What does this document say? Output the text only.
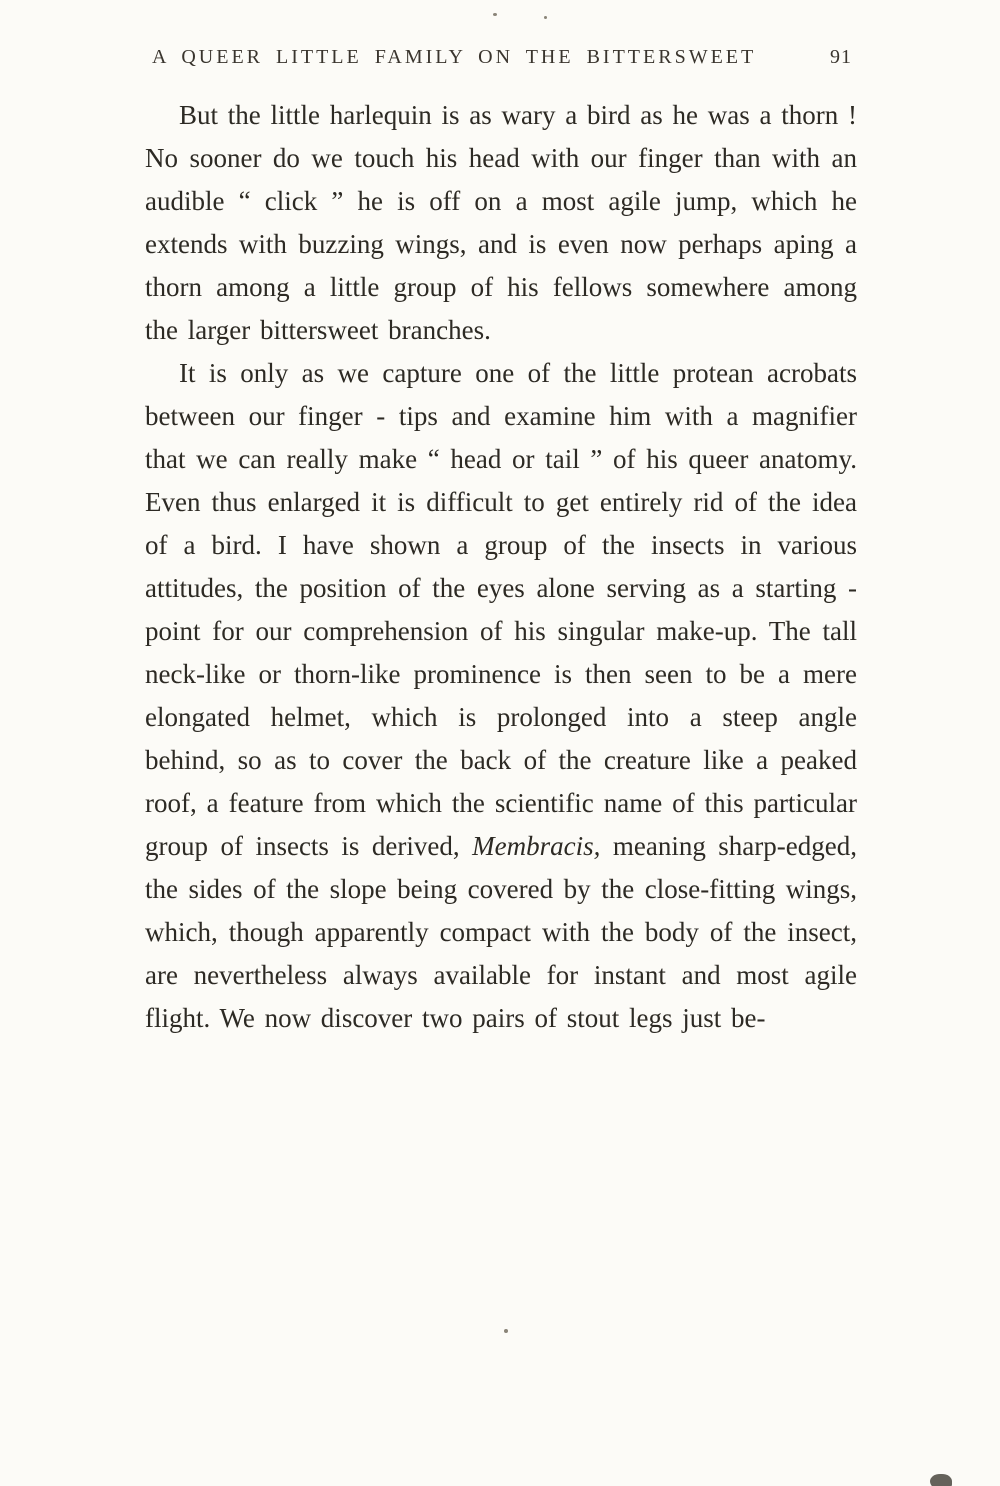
A QUEER LITTLE FAMILY ON THE BITTERSWEET	91

But the little harlequin is as wary a bird as he was a thorn ! No sooner do we touch his head with our finger than with an audible “ click ” he is off on a most agile jump, which he extends with buzzing wings, and is even now perhaps aping a thorn among a little group of his fellows somewhere among the larger bittersweet branches.

It is only as we capture one of the little protean acrobats between our finger - tips and examine him with a magnifier that we can really make “ head or tail ” of his queer anatomy. Even thus enlarged it is difficult to get entirely rid of the idea of a bird. I have shown a group of the insects in various attitudes, the position of the eyes alone serving as a starting - point for our comprehension of his singular make-up. The tall neck-like or thorn-like prominence is then seen to be a mere elongated helmet, which is prolonged into a steep angle behind, so as to cover the back of the creature like a peaked roof, a feature from which the scientific name of this particular group of insects is derived, Membracis, meaning sharp-edged, the sides of the slope being covered by the close-fitting wings, which, though apparently compact with the body of the insect, are nevertheless always available for instant and most agile flight. We now discover two pairs of stout legs just be-
